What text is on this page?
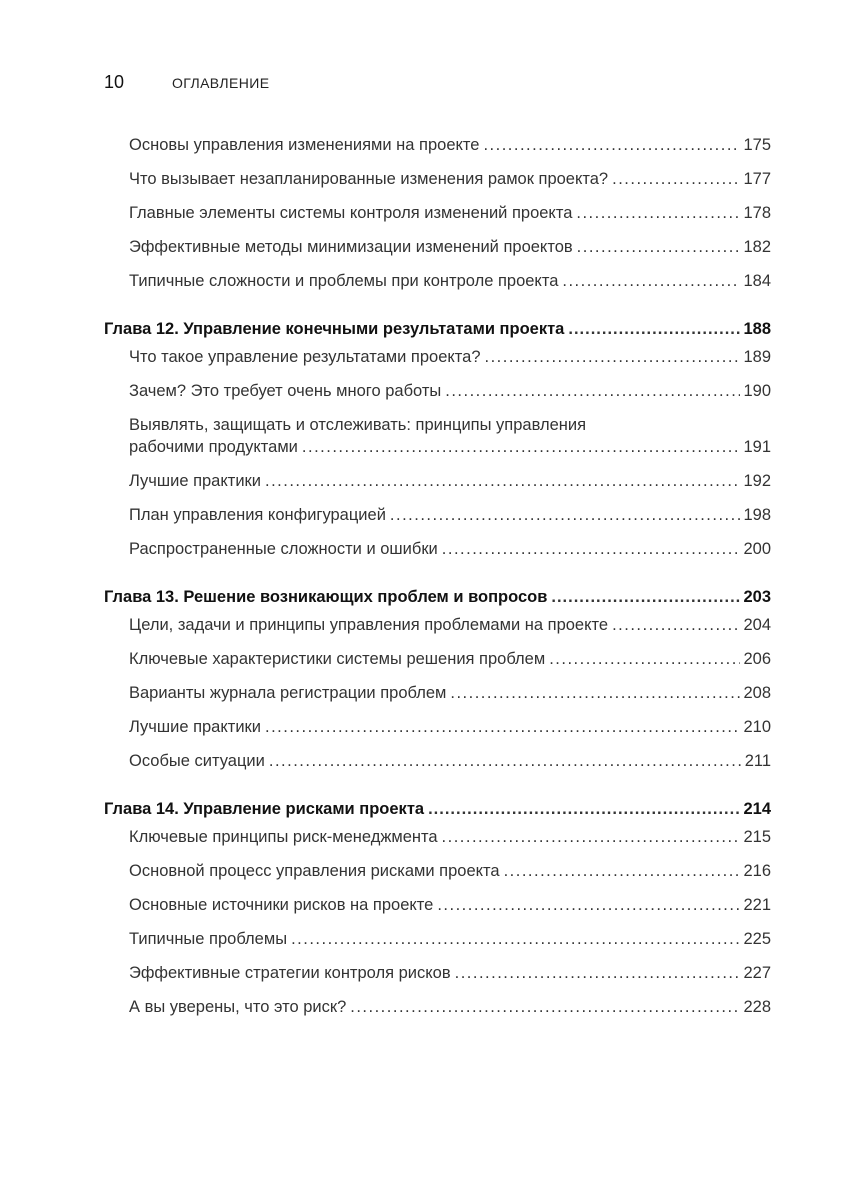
10	ОГЛАВЛЕНИЕ
Основы управления изменениями на проекте .....	175
Что вызывает незапланированные изменения рамок проекта? .....	177
Главные элементы системы контроля изменений проекта .....	178
Эффективные методы минимизации изменений проектов .....	182
Типичные сложности и проблемы при контроле проекта .....	184
Глава 12. Управление конечными результатами проекта .....	188
Что такое управление результатами проекта? .....	189
Зачем? Это требует очень много работы .....	190
Выявлять, защищать и отслеживать: принципы управления
рабочими продуктами .....	191
Лучшие практики .....	192
План управления конфигурацией .....	198
Распространенные сложности и ошибки .....	200
Глава 13. Решение возникающих проблем и вопросов .....	203
Цели, задачи и принципы управления проблемами на проекте .....	204
Ключевые характеристики системы решения проблем .....	206
Варианты журнала регистрации проблем .....	208
Лучшие практики .....	210
Особые ситуации .....	211
Глава 14. Управление рисками проекта .....	214
Ключевые принципы риск-менеджмента .....	215
Основной процесс управления рисками проекта .....	216
Основные источники рисков на проекте .....	221
Типичные проблемы .....	225
Эффективные стратегии контроля рисков .....	227
А вы уверены, что это риск? .....	228
